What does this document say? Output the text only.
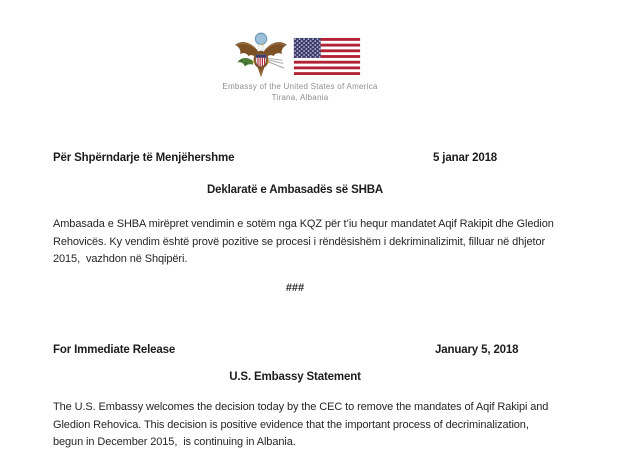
Embassy of the United States of America
Tirana, Albania
Për Shpërndarje të Menjëhershme	5 janar 2018
Deklaratë e Ambasadës së SHBA
Ambasada e SHBA mirëpret vendimin e sotëm nga KQZ për t’iu hequr mandatet Aqif Rakipit dhe Gledion
Rehovicës. Ky vendim është provë pozitive se procesi i rëndësishëm i dekriminalizimit, filluar në dhjetor
2015,  vazhdon në Shqipëri.
###
For Immediate Release	January 5, 2018
U.S. Embassy Statement
The U.S. Embassy welcomes the decision today by the CEC to remove the mandates of Aqif Rakipi and
Gledion Rehovica. This decision is positive evidence that the important process of decriminalization,
begun in December 2015,  is continuing in Albania.
